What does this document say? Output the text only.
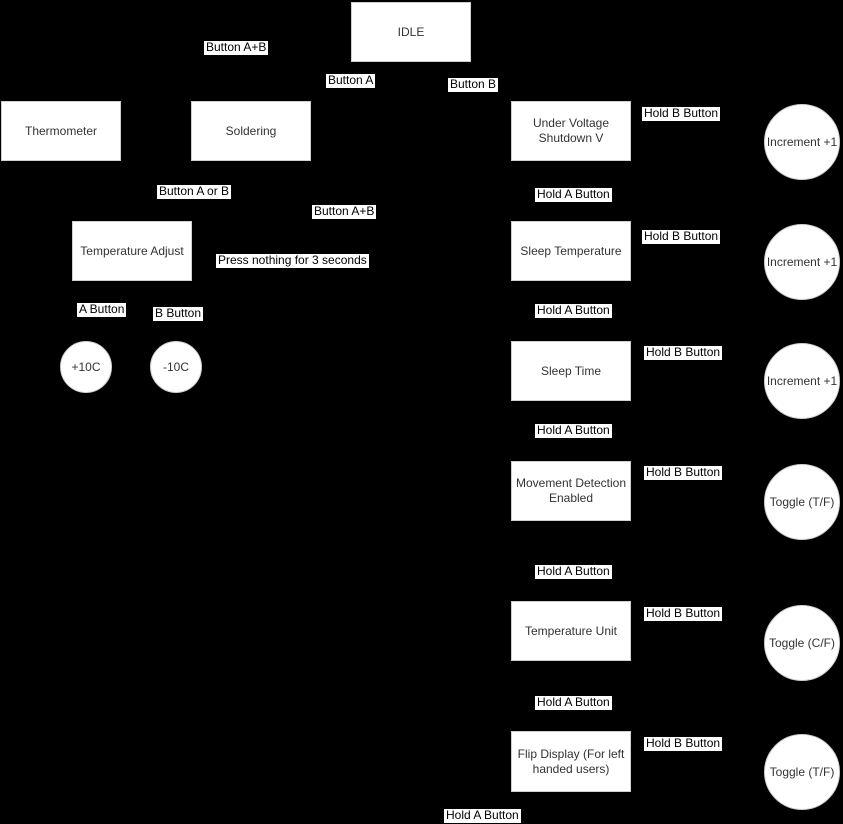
IDLE
Thermometer	Soldering
Temperature Adjust
Under Voltage Shutdown V
Sleep Temperature
Sleep Time
Movement Detection Enabled
Temperature Unit
Flip Display (For left handed users)
+10C	-10C
Increment +1
Increment +1
Increment +1
Toggle (T/F)
Toggle (C/F)
Toggle (T/F)
Button A+B
Button A	Button B
Button A or B
Button A+B
Press nothing for 3 seconds
A Button	B Button
Hold B Button
Hold A Button
Hold B Button
Hold A Button
Hold B Button
Hold A Button
Hold B Button
Hold A Button
Hold B Button
Hold A Button
Hold B Button
Hold A Button
